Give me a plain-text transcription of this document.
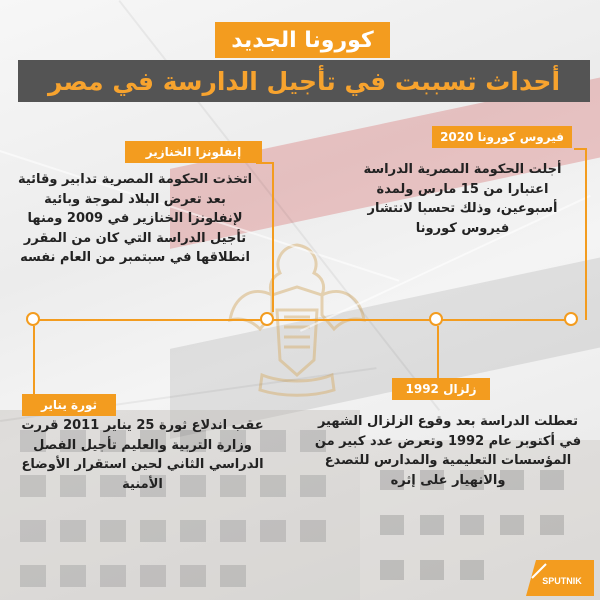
كورونا الجديد
أحداث تسببت في تأجيل الدارسة في مصر
فيروس كورونا 2020
أجلت الحكومة المصرية الدراسة اعتبارا من 15 مارس ولمدة أسبوعين، وذلك تحسبا لانتشار فيروس كورونا
إنفلونزا الخنازير
اتخذت الحكومة المصرية تدابير وقائية بعد تعرض البلاد لموجة وبائية لإنفلونزا الخنازير في 2009 ومنها تأجيل الدراسة التي كان من المقرر انطلاقها في سبتمبر من العام نفسه
زلزال 1992
تعطلت الدراسة بعد وقوع الزلزال الشهير في أكتوبر عام 1992 وتعرض عدد كبير من المؤسسات التعليمية والمدارس للتصدع والانهيار على إثره
ثورة يناير
عقب اندلاع ثورة 25 يناير 2011 قررت وزارة التربية والعليم تأجيل الفصل الدراسي الثاني لحين استقرار الأوضاع الأمنية
SPUTNIK
